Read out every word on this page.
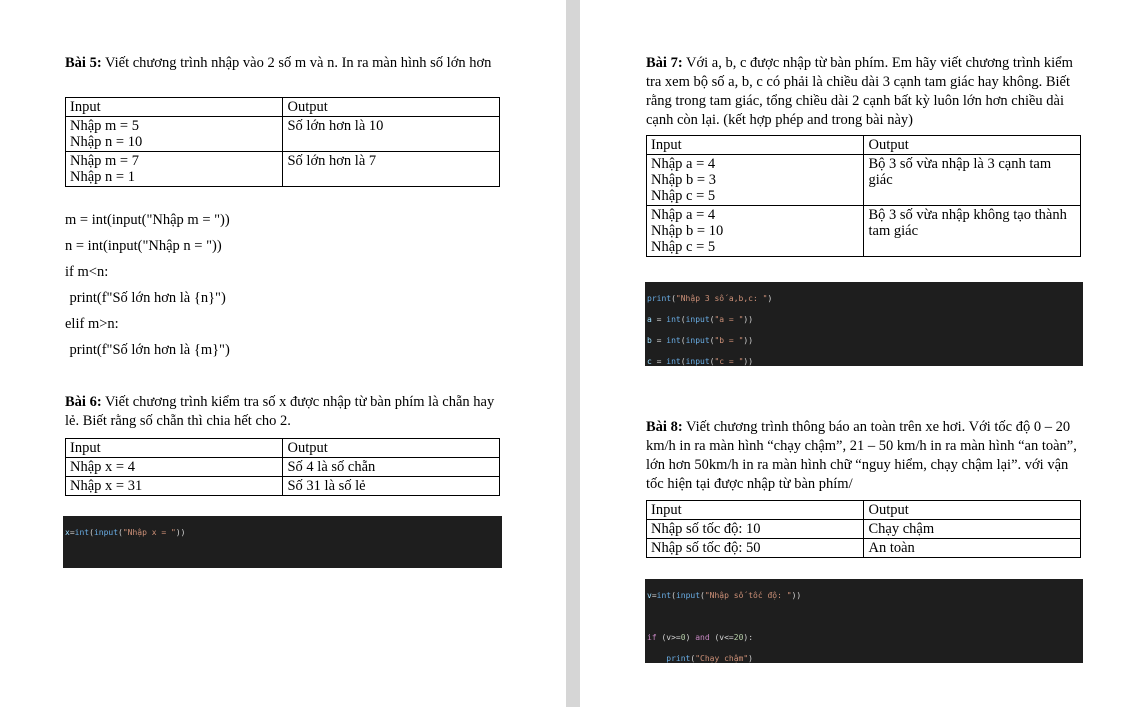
Bài 5: Viết chương trình nhập vào 2 số m và n. In ra màn hình số lớn hơn
Input	Output

Nhập m = 5
Nhập n = 10	Số lớn hơn là 10

Nhập m = 7
Nhập n = 1	Số lớn hơn là 7
m = int(input("Nhập m = "))
n = int(input("Nhập n = "))
if m<n:
print(f"Số lớn hơn là {n}")
elif m>n:
print(f"Số lớn hơn là {m}")
Bài 6: Viết chương trình kiểm tra số x được nhập từ bàn phím là chẵn hay lẻ. Biết rằng số chẵn thì chia hết cho 2.
Input	Output
Nhập x = 4	Số 4 là số chẵn
Nhập x = 31	Số 31 là số lẻ

x=int(input("Nhập x = "))

Bài 7: Với a, b, c được nhập từ bàn phím. Em hãy viết chương trình kiểm tra xem bộ số a, b, c có phải là chiều dài 3 cạnh tam giác hay không. Biết rằng trong tam giác, tổng chiều dài 2 cạnh bất kỳ luôn lớn hơn chiều dài cạnh còn lại. (kết hợp phép and trong bài này)
Input	Output

Nhập a = 4
Nhập b = 3
Nhập c = 5	Bộ 3 số vừa nhập là 3 cạnh tam giác

Nhập a = 4
Nhập b = 10
Nhập c = 5	Bộ 3 số vừa nhập không tạo thành tam giác

print("Nhập 3 số a,b,c: ")

a = int(input("a = "))

b = int(input("b = "))

c = int(input("c = "))

Bài 8: Viết chương trình thông báo an toàn trên xe hơi. Với tốc độ 0 – 20 km/h in ra màn hình “chạy chậm”, 21 – 50 km/h in ra màn hình “an toàn”, lớn hơn 50km/h in ra màn hình chữ “nguy hiểm, chạy chậm lại”. với vận tốc hiện tại được nhập từ bàn phím/
Input	Output
Nhập số tốc độ: 10	Chạy chậm
Nhập số tốc độ: 50	An toàn

v=int(input("Nhập số tốc độ: "))

if (v>=0) and (v<=20):

print("Chạy chậm")
